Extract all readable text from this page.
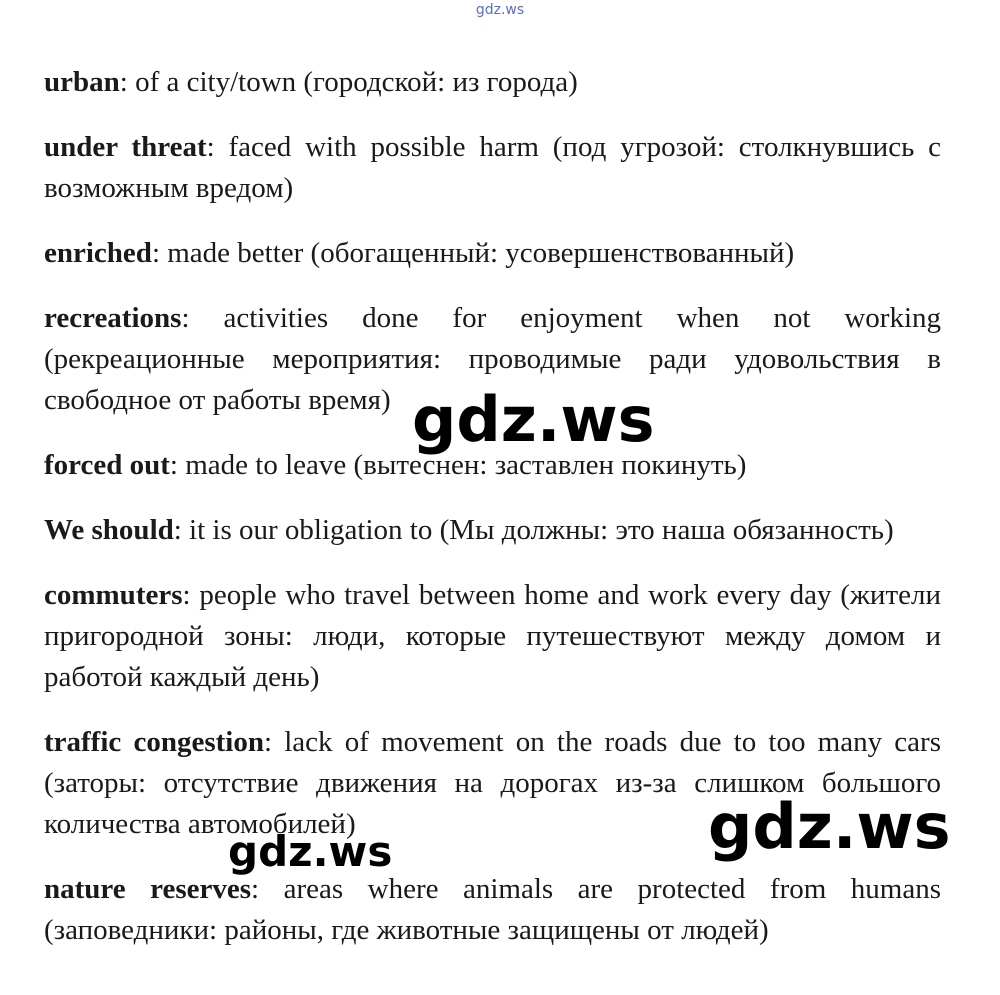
gdz.ws

urban: of a city/town (городской: из города)

under threat: faced with possible harm (под угрозой: столкнувшись с возможным вредом)

enriched: made better (обогащенный: усовершенствованный)

recreations: activities done for enjoyment when not working (рекреационные мероприятия: проводимые ради удовольствия в свободное от работы время)

forced out: made to leave (вытеснен: заставлен покинуть)

We should: it is our obligation to (Мы должны: это наша обязанность)

commuters: people who travel between home and work every day (жители пригородной зоны: люди, которые путешествуют между домом и работой каждый день)

traffic congestion: lack of movement on the roads due to too many cars (заторы: отсутствие движения на дорогах из-за слишком большого количества автомобилей)

nature reserves: areas where animals are protected from humans (заповедники: районы, где животные защищены от людей)

gdz.ws
gdz.ws
gdz.ws
